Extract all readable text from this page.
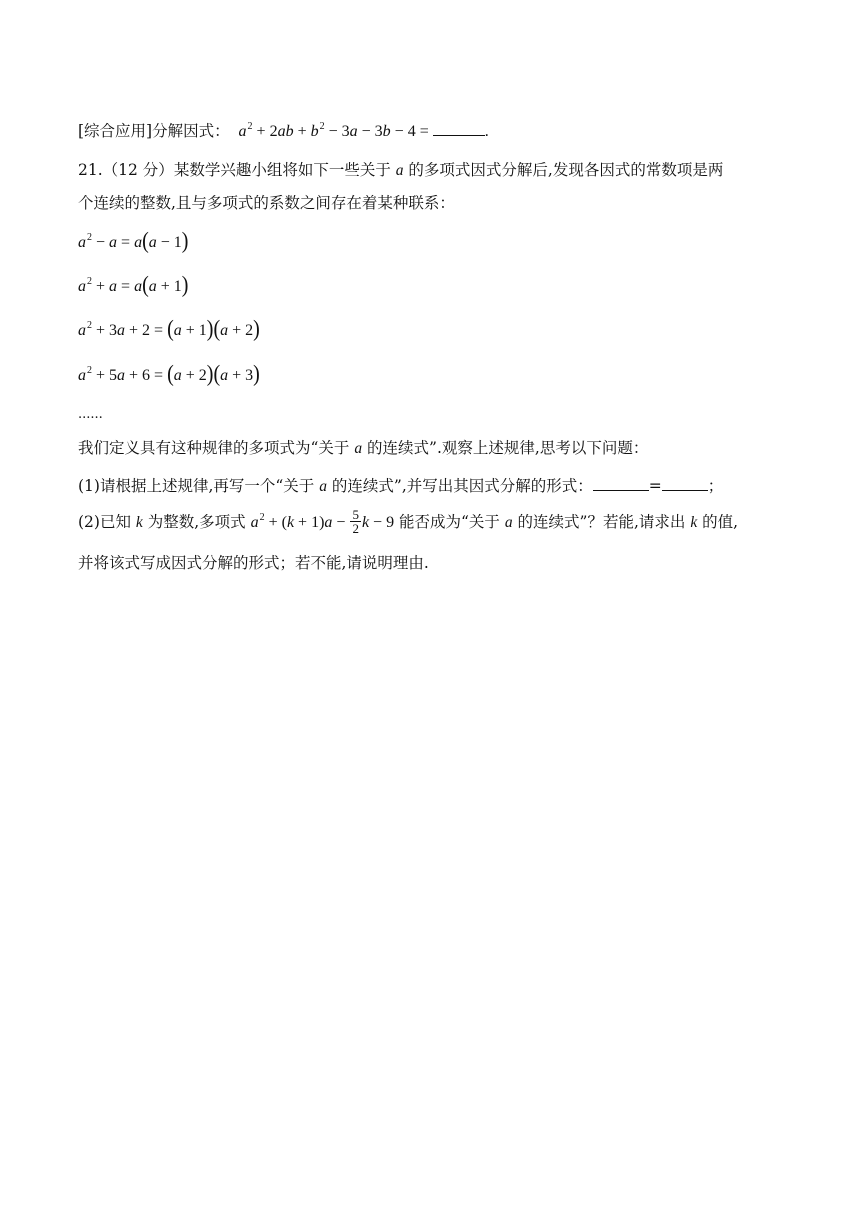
[综合应用]分解因式： $a^2 + 2ab + b^2 - 3a - 3b - 4$ =	.
21.（12 分）某数学兴趣小组将如下一些关于 a 的多项式因式分解后,发现各因式的常数项是两
个连续的整数,且与多项式的系数之间存在着某种联系：
$a^2 - a = a(a - 1)$
$a^2 + a = a(a + 1)$
$a^2 + 3a + 2 = (a + 1)(a + 2)$
$a^2 + 5a + 6 = (a + 2)(a + 3)$
......
我们定义具有这种规律的多项式为“关于 a 的连续式”.观察上述规律,思考以下问题：
(1)请根据上述规律,再写一个“关于 a 的连续式”,并写出其因式分解的形式：	=	；
(2)已知 k 为整数,多项式 $a^2 + (k + 1)a - \frac{5}{2}$ k − 9 能否成为“关于 a 的连续式”？若能,请求出 k 的值,
并将该式写成因式分解的形式；若不能,请说明理由.
